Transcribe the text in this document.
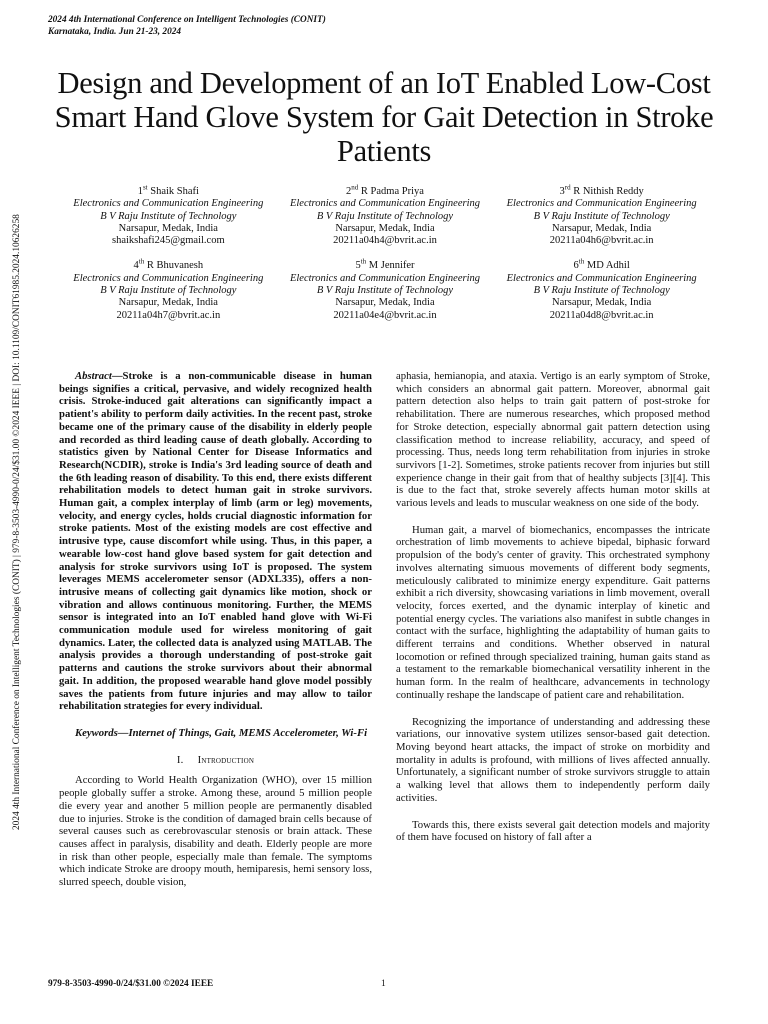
2024 4th International Conference on Intelligent Technologies (CONIT)
Karnataka, India. Jun 21-23, 2024
2024 4th International Conference on Intelligent Technologies (CONIT) | 979-8-3503-4990-0/24/$31.00 ©2024 IEEE | DOI: 10.1109/CONIT61985.2024.10626258
Design and Development of an IoT Enabled Low-Cost Smart Hand Glove System for Gait Detection in Stroke Patients
1st Shaik Shafi
Electronics and Communication Engineering
B V Raju Institute of Technology
Narsapur, Medak, India
shaikshafi245@gmail.com
2nd R Padma Priya
Electronics and Communication Engineering
B V Raju Institute of Technology
Narsapur, Medak, India
20211a04h4@bvrit.ac.in
3rd R Nithish Reddy
Electronics and Communication Engineering
B V Raju Institute of Technology
Narsapur, Medak, India
20211a04h6@bvrit.ac.in
4th R Bhuvanesh
Electronics and Communication Engineering
B V Raju Institute of Technology
Narsapur, Medak, India
20211a04h7@bvrit.ac.in
5th M Jennifer
Electronics and Communication Engineering
B V Raju Institute of Technology
Narsapur, Medak, India
20211a04e4@bvrit.ac.in
6th MD Adhil
Electronics and Communication Engineering
B V Raju Institute of Technology
Narsapur, Medak, India
20211a04d8@bvrit.ac.in

Abstract—Stroke is a non-communicable disease in human beings signifies a critical, pervasive, and widely recognized health crisis. Stroke-induced gait alterations can significantly impact a patient's ability to perform daily activities. In the recent past, stroke became one of the primary cause of the disability in elderly people and recorded as third leading cause of death globally. According to statistics given by National Center for Disease Informatics and Research(NCDIR), stroke is India's 3rd leading source of death and the 6th leading reason of disability. To this end, there exists different rehabilitation models to detect human gait in stroke survivors. Human gait, a complex interplay of limb (arm or leg) movements, velocity, and energy cycles, holds crucial diagnostic information for stroke patients. Most of the existing models are cost effective and intrusive type, cause discomfort while using. Thus, in this paper, a wearable low-cost hand glove based system for gait detection and analysis for stroke survivors using IoT is proposed. The system leverages MEMS accelerometer sensor (ADXL335), offers a non-intrusive means of collecting gait dynamics like motion, shock or vibration and allows continuous monitoring. Further, the MEMS sensor is integrated into an IoT enabled hand glove with Wi-Fi communication module used for wireless monitoring of gait dynamics. Later, the collected data is analyzed using MATLAB. The analysis provides a thorough understanding of post-stroke gait patterns and cautions the stroke survivors about their abnormal gait. In addition, the proposed wearable hand glove model possibly saves the patients from future injuries and may allow to tailor rehabilitation strategies for every individual.

Keywords—Internet of Things, Gait, MEMS Accelerometer, Wi-Fi

I. Introduction

According to World Health Organization (WHO), over 15 million people globally suffer a stroke. Among these, around 5 million people die every year and another 5 million people are permanently disabled due to injuries. Stroke is the condition of damaged brain cells because of several causes such as cerebrovascular stenosis or brain attack. These causes affect in paralysis, disability and death. Elderly people are more in risk than other people, especially male than female. The symptoms which indicate Stroke are droopy mouth, hemiparesis, hemi sensory loss, slurred speech, double vision,

aphasia, hemianopia, and ataxia. Vertigo is an early symptom of Stroke, which considers an abnormal gait pattern. Moreover, abnormal gait pattern detection also helps to train gait pattern of post-stroke for rehabilitation. There are numerous researches, which proposed method for Stroke detection, especially abnormal gait pattern detection using classification method to increase reliability, accuracy, and speed of processing. Thus, needs long term rehabilitation from injuries in stroke survivors [1-2]. Sometimes, stroke patients recover from injuries but still experience change in their gait from that of healthy subjects [3][4]. This is due to the fact that, stroke severely affects human motor skills at various levels and leads to muscular weakness on one side of the body.

Human gait, a marvel of biomechanics, encompasses the intricate orchestration of limb movements to achieve bipedal, biphasic forward propulsion of the body's center of gravity. This orchestrated symphony involves alternating simuous movements of different body segments, meticulously calibrated to minimize energy expenditure. Gait patterns exhibit a rich diversity, showcasing variations in limb movement, overall velocity, forces exerted, and the dynamic interplay of kinetic and potential energy cycles. The variations also manifest in subtle changes in contact with the surface, highlighting the adaptability of human gaits to different terrains and conditions. Whether observed in natural locomotion or refined through specialized training, human gaits stand as a testament to the remarkable biomechanical versatility inherent in the human form. In the realm of healthcare, advancements in technology continually reshape the landscape of patient care and rehabilitation.

Recognizing the importance of understanding and addressing these variations, our innovative system utilizes sensor-based gait detection. Moving beyond heart attacks, the impact of stroke on morbidity and mortality in adults is profound, with millions of lives affected annually. Unfortunately, a significant number of stroke survivors struggle to attain a walking level that allows them to independently perform daily activities.

Towards this, there exists several gait detection models and majority of them have focused on history of fall after a

979-8-3503-4990-0/24/$31.00 ©2024 IEEE	1
